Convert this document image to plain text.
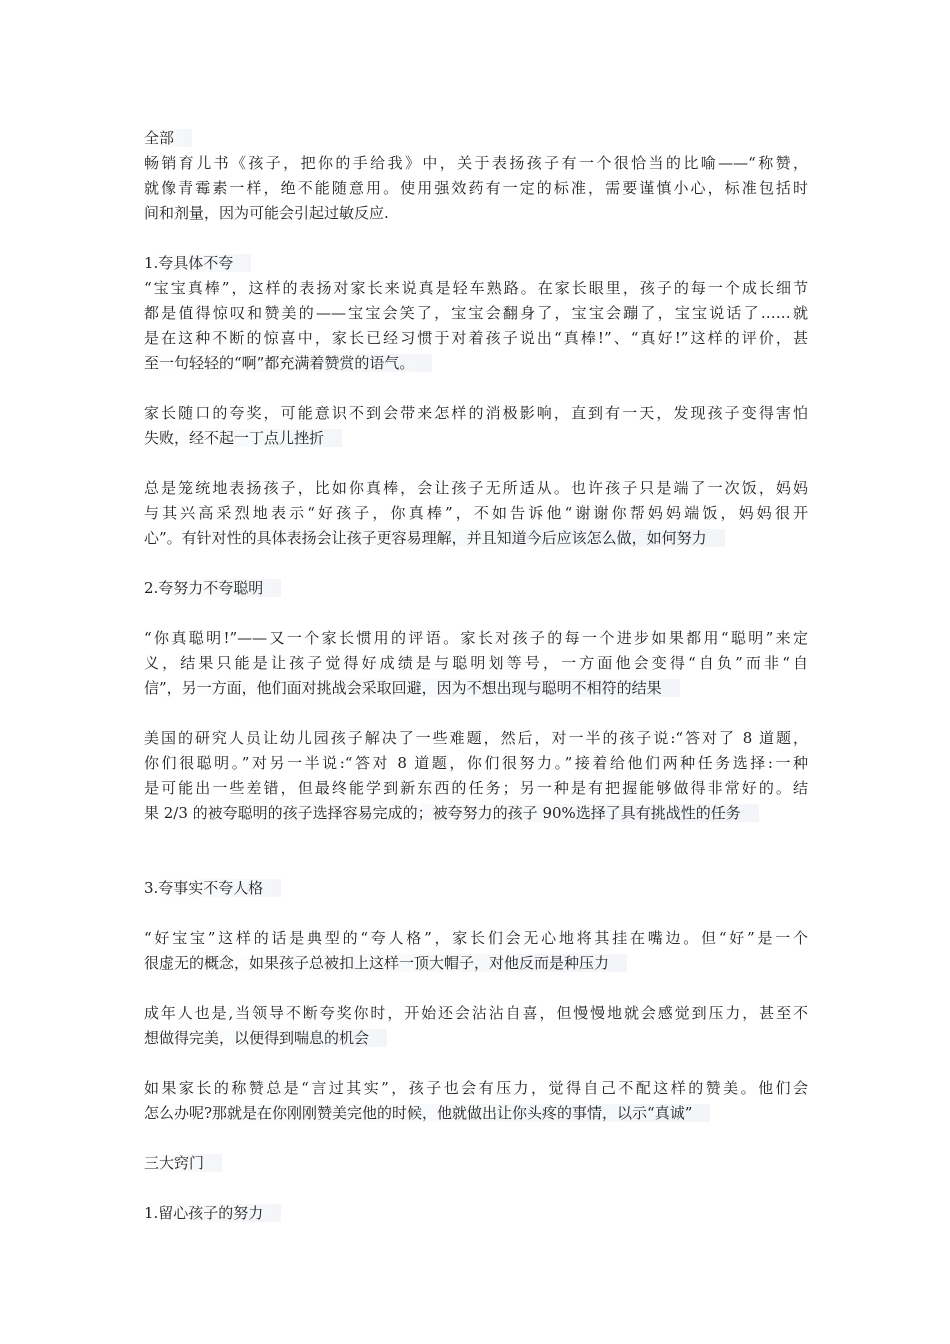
全部
畅销育儿书《孩子，把你的手给我》中，关于表扬孩子有一个很恰当的比喻——“称赞，
就像青霉素一样，绝不能随意用。使用强效药有一定的标准，需要谨慎小心，标准包括时
间和剂量，因为可能会引起过敏反应.
1.夸具体不夸
“宝宝真棒”，这样的表扬对家长来说真是轻车熟路。在家长眼里，孩子的每一个成长细节
都是值得惊叹和赞美的——宝宝会笑了，宝宝会翻身了，宝宝会蹦了，宝宝说话了……就
是在这种不断的惊喜中，家长已经习惯于对着孩子说出“真棒!”、“真好!”这样的评价，甚
至一句轻轻的“啊”都充满着赞赏的语气。
家长随口的夸奖，可能意识不到会带来怎样的消极影响，直到有一天，发现孩子变得害怕
失败，经不起一丁点儿挫折
总是笼统地表扬孩子，比如你真棒，会让孩子无所适从。也许孩子只是端了一次饭，妈妈
与其兴高采烈地表示“好孩子，你真棒”，不如告诉他“谢谢你帮妈妈端饭，妈妈很开
心”。有针对性的具体表扬会让孩子更容易理解，并且知道今后应该怎么做，如何努力
2.夸努力不夸聪明
“你真聪明!”——又一个家长惯用的评语。家长对孩子的每一个进步如果都用“聪明”来定
义，结果只能是让孩子觉得好成绩是与聪明划等号，一方面他会变得“自负”而非“自
信”，另一方面，他们面对挑战会采取回避，因为不想出现与聪明不相符的结果
美国的研究人员让幼儿园孩子解决了一些难题，然后，对一半的孩子说:“答对了 8 道题，
你们很聪明。”对另一半说:“答对 8 道题，你们很努力。”接着给他们两种任务选择:一种
是可能出一些差错，但最终能学到新东西的任务；另一种是有把握能够做得非常好的。结
果 2/3 的被夸聪明的孩子选择容易完成的；被夸努力的孩子 90%选择了具有挑战性的任务
3.夸事实不夸人格
“好宝宝”这样的话是典型的“夸人格”，家长们会无心地将其挂在嘴边。但“好”是一个
很虚无的概念，如果孩子总被扣上这样一顶大帽子，对他反而是种压力
成年人也是,当领导不断夸奖你时，开始还会沾沾自喜，但慢慢地就会感觉到压力，甚至不
想做得完美，以便得到喘息的机会
如果家长的称赞总是“言过其实”，孩子也会有压力，觉得自己不配这样的赞美。他们会
怎么办呢?那就是在你刚刚赞美完他的时候，他就做出让你头疼的事情，以示“真诚”
三大窍门
1.留心孩子的努力
